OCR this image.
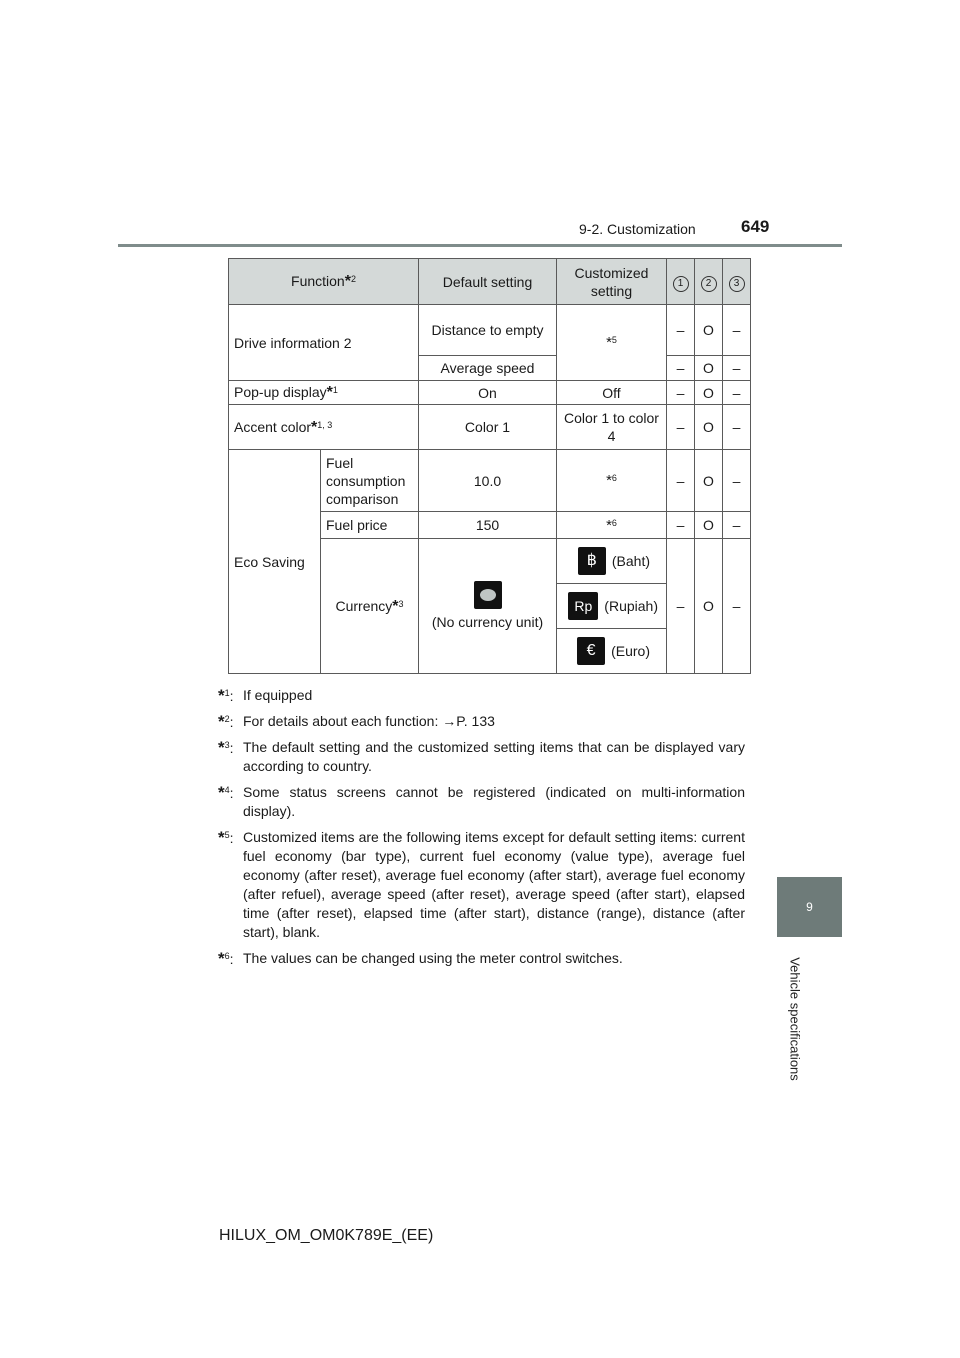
9-2. Customization	649
9
Vehicle specifications
Function*$^2$		Default setting	Customized setting	1	2	3
Drive information 2		Distance to empty	*$^5$	–	O	–
		Average speed		–	O	–
Pop-up display*$^1$		On	Off	–	O	–
Accent color*$^{1, 3}$		Color 1	Color 1 to color 4	–	O	–
Eco Saving	Fuel consumption comparison	10.0	*$^6$	–	O	–
	Fuel price	150	*$^6$	–	O	–
	Currency*$^3$	(No currency unit)	฿ (Baht)	–	O	–

			Rp (Rupiah)			

			€ (Euro)			
*$^1$: If equipped
*$^2$: For details about each function: →P. 133
*$^3$: The default setting and the customized setting items that can be displayed vary according to country.
*$^4$: Some status screens cannot be registered (indicated on multi-information display).
*$^5$: Customized items are the following items except for default setting items: current fuel economy (bar type), current fuel economy (value type), average fuel economy (after reset), average fuel economy (after start), average fuel economy (after refuel), average speed (after reset), average speed (after start), elapsed time (after reset), elapsed time (after start), distance (range), distance (after start), blank.
*$^6$: The values can be changed using the meter control switches.
HILUX_OM_OM0K789E_(EE)
